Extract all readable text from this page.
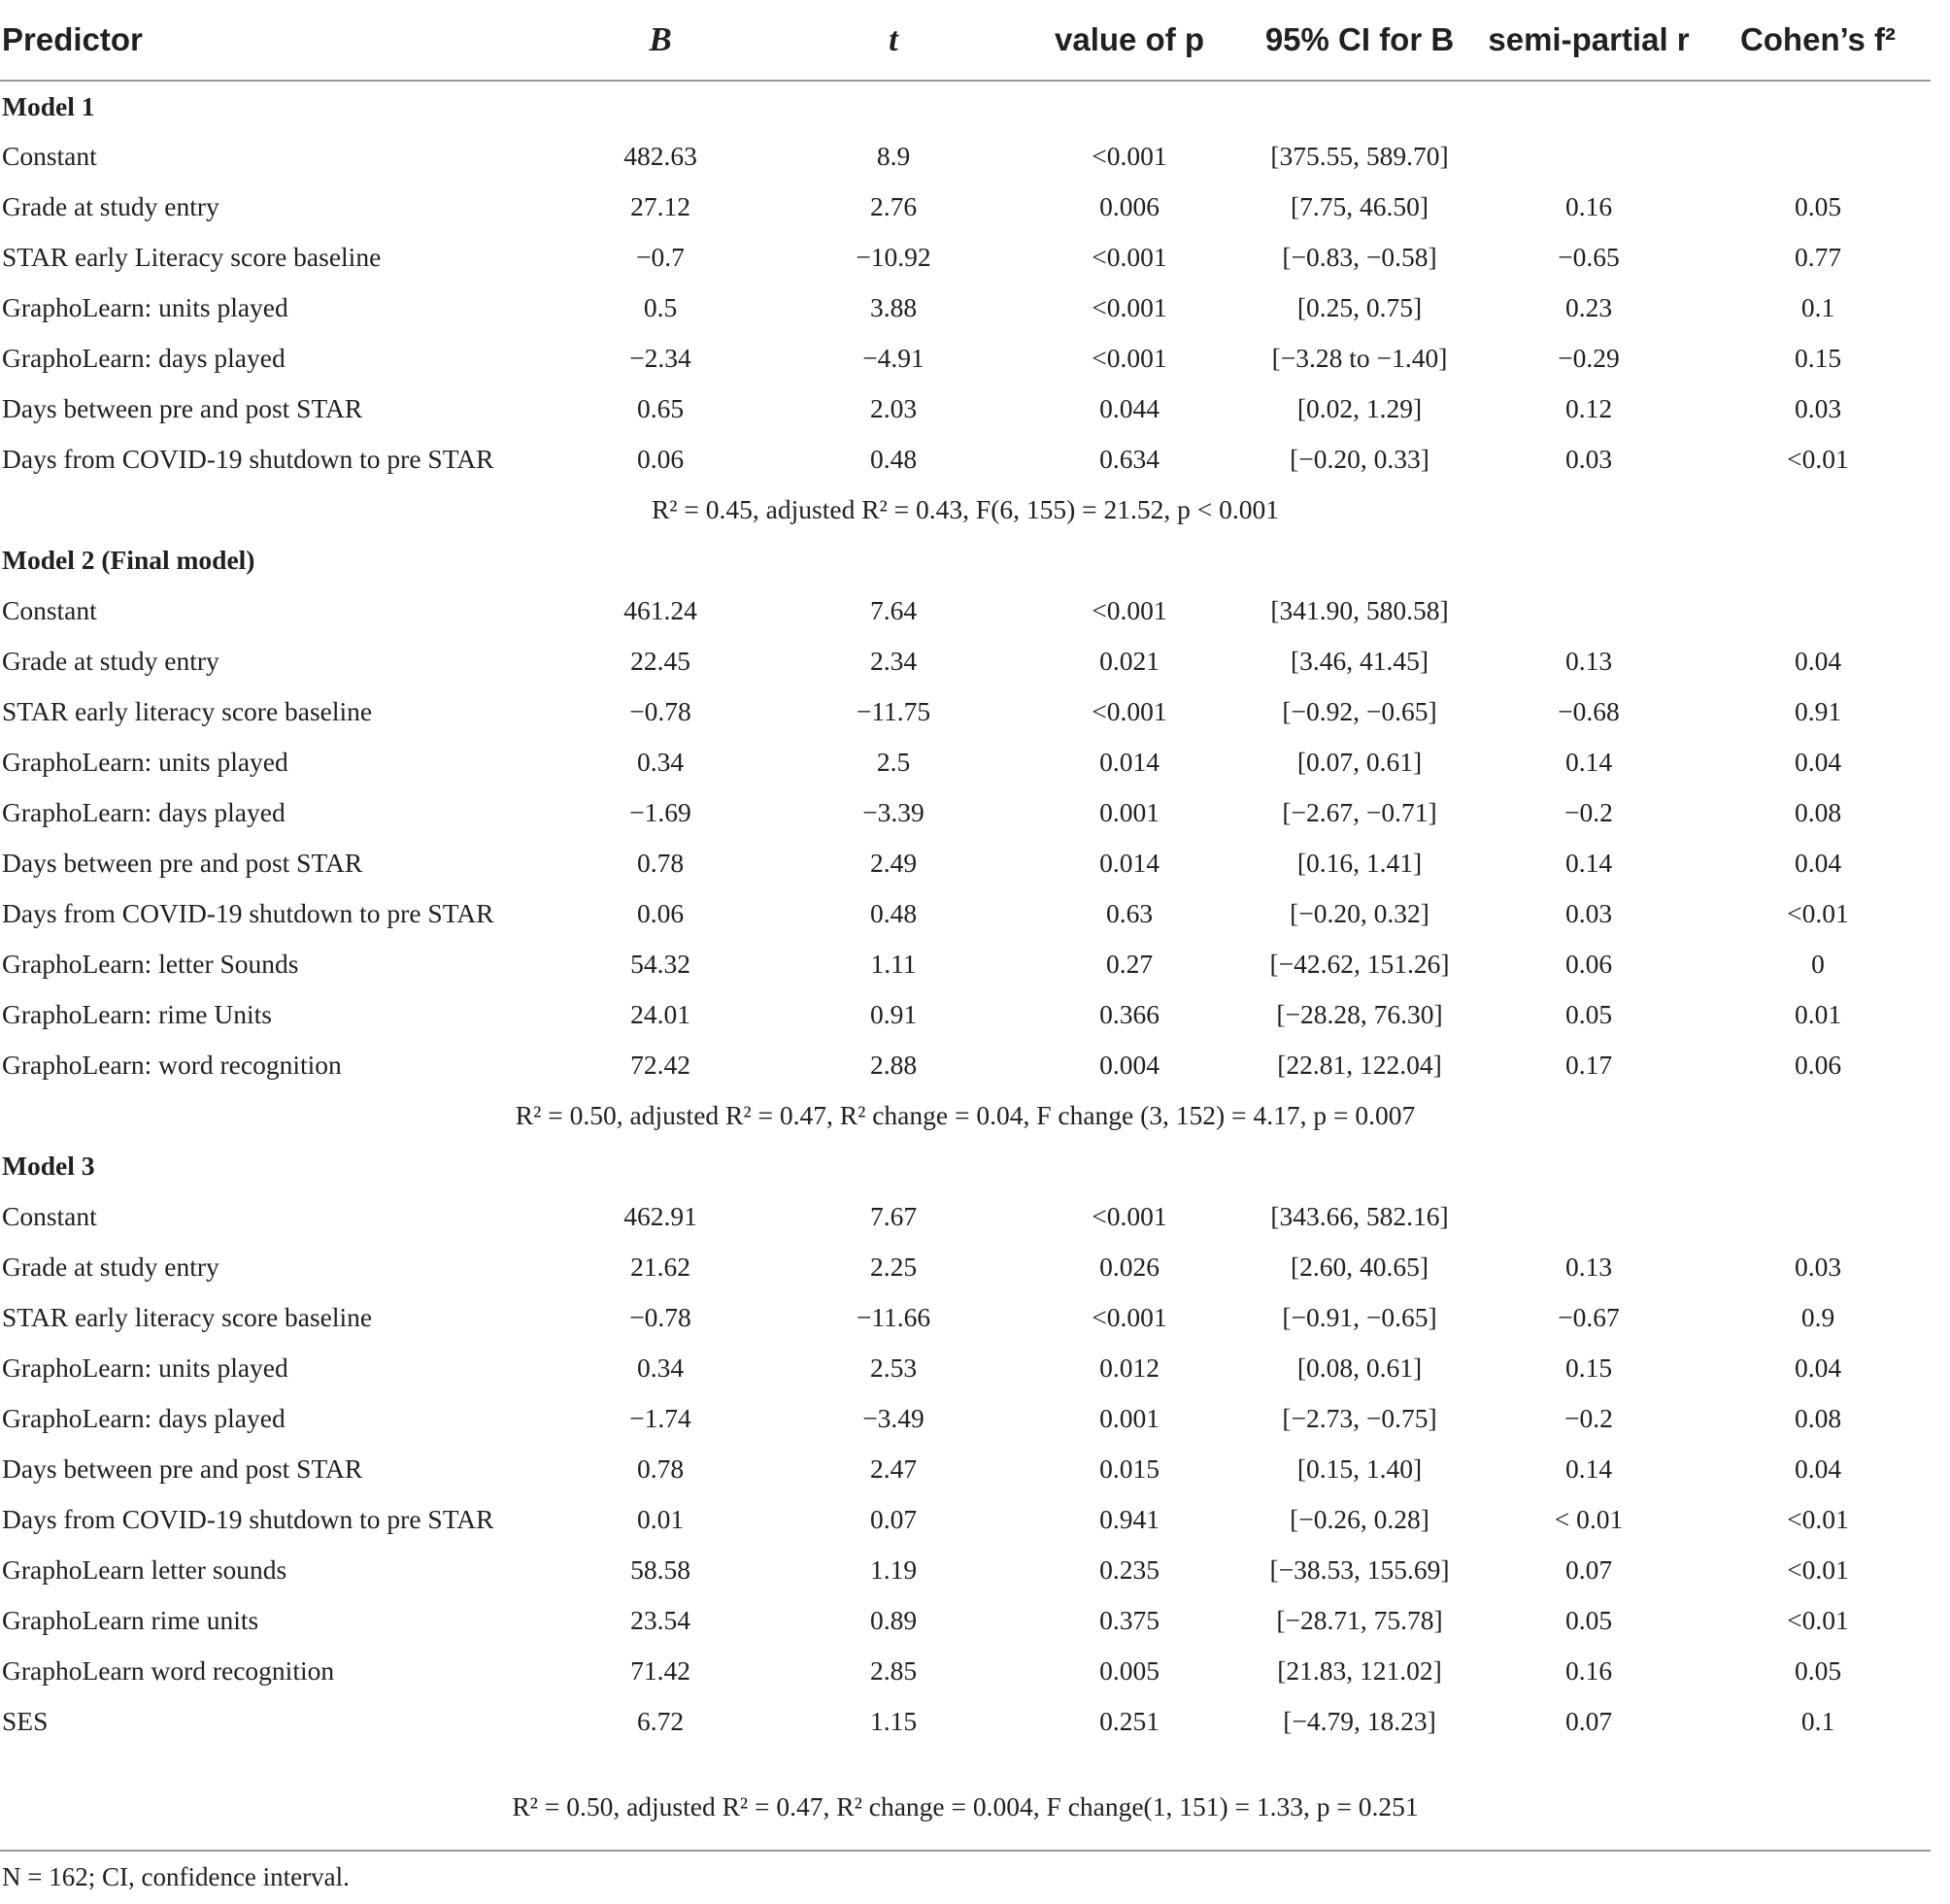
Predictor	B	t	value of p	95% CI for B	semi-partial r	Cohen’s f²
Model 1						
Constant	482.63	8.9	<0.001	[375.55, 589.70]		
Grade at study entry	27.12	2.76	0.006	[7.75, 46.50]	0.16	0.05
STAR early Literacy score baseline	−0.7	−10.92	<0.001	[−0.83, −0.58]	−0.65	0.77
GraphoLearn: units played	0.5	3.88	<0.001	[0.25, 0.75]	0.23	0.1
GraphoLearn: days played	−2.34	−4.91	<0.001	[−3.28 to −1.40]	−0.29	0.15
Days between pre and post STAR	0.65	2.03	0.044	[0.02, 1.29]	0.12	0.03
Days from COVID-19 shutdown to pre STAR	0.06	0.48	0.634	[−0.20, 0.33]	0.03	<0.01
R² = 0.45, adjusted R² = 0.43, F(6, 155) = 21.52, p < 0.001						
Model 2 (Final model)						
Constant	461.24	7.64	<0.001	[341.90, 580.58]		
Grade at study entry	22.45	2.34	0.021	[3.46, 41.45]	0.13	0.04
STAR early literacy score baseline	−0.78	−11.75	<0.001	[−0.92, −0.65]	−0.68	0.91
GraphoLearn: units played	0.34	2.5	0.014	[0.07, 0.61]	0.14	0.04
GraphoLearn: days played	−1.69	−3.39	0.001	[−2.67, −0.71]	−0.2	0.08
Days between pre and post STAR	0.78	2.49	0.014	[0.16, 1.41]	0.14	0.04
Days from COVID-19 shutdown to pre STAR	0.06	0.48	0.63	[−0.20, 0.32]	0.03	<0.01
GraphoLearn: letter Sounds	54.32	1.11	0.27	[−42.62, 151.26]	0.06	0
GraphoLearn: rime Units	24.01	0.91	0.366	[−28.28, 76.30]	0.05	0.01
GraphoLearn: word recognition	72.42	2.88	0.004	[22.81, 122.04]	0.17	0.06
R² = 0.50, adjusted R² = 0.47, R² change = 0.04, F change (3, 152) = 4.17, p = 0.007						
Model 3						
Constant	462.91	7.67	<0.001	[343.66, 582.16]		
Grade at study entry	21.62	2.25	0.026	[2.60, 40.65]	0.13	0.03
STAR early literacy score baseline	−0.78	−11.66	<0.001	[−0.91, −0.65]	−0.67	0.9
GraphoLearn: units played	0.34	2.53	0.012	[0.08, 0.61]	0.15	0.04
GraphoLearn: days played	−1.74	−3.49	0.001	[−2.73, −0.75]	−0.2	0.08
Days between pre and post STAR	0.78	2.47	0.015	[0.15, 1.40]	0.14	0.04
Days from COVID-19 shutdown to pre STAR	0.01	0.07	0.941	[−0.26, 0.28]	< 0.01	<0.01
GraphoLearn letter sounds	58.58	1.19	0.235	[−38.53, 155.69]	0.07	<0.01
GraphoLearn rime units	23.54	0.89	0.375	[−28.71, 75.78]	0.05	<0.01
GraphoLearn word recognition	71.42	2.85	0.005	[21.83, 121.02]	0.16	0.05
SES	6.72	1.15	0.251	[−4.79, 18.23]	0.07	0.1
R² = 0.50, adjusted R² = 0.47, R² change = 0.004, F change(1, 151) = 1.33, p = 0.251						
N = 162; CI, confidence interval.
